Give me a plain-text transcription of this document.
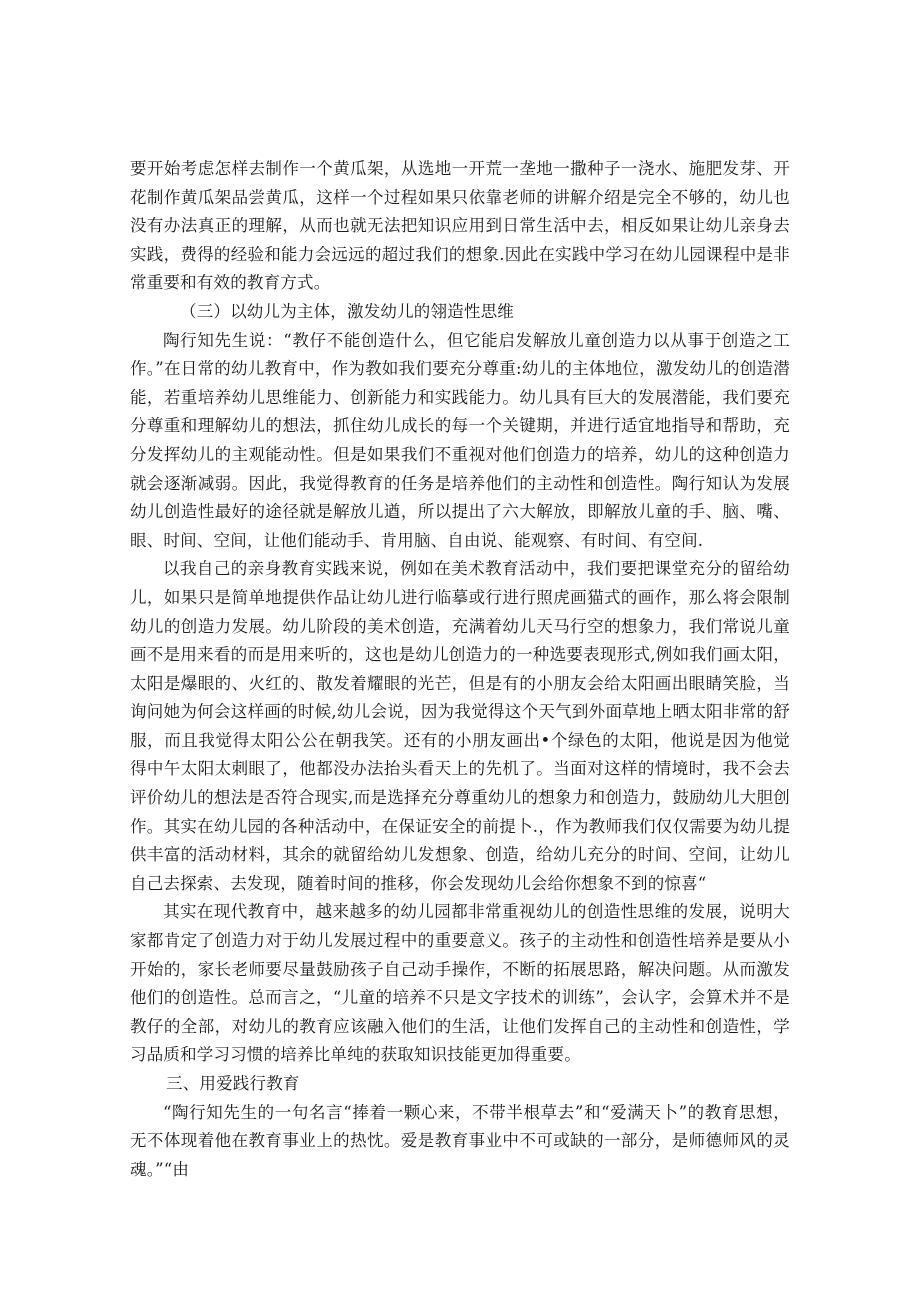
要开始考虑怎样去制作一个黄瓜架，从选地一开荒一垄地一撒种子一浇水、施肥发芽、开花制作黄瓜架品尝黄瓜，这样一个过程如果只依靠老师的讲解介绍是完全不够的，幼儿也没有办法真正的理解，从而也就无法把知识应用到日常生活中去，相反如果让幼儿亲身去实践，费得的经验和能力会远远的超过我们的想象.因此在实践中学习在幼儿园课程中是非常重要和有效的教育方式。

（三）以幼儿为主体，激发幼儿的翎造性思维

陶行知先生说：“教仔不能创造什么，但它能启发解放儿童创造力以从事于创造之工作。”在日常的幼儿教育中，作为教如我们要充分尊重:幼儿的主体地位，激发幼儿的创造潜能，若重培养幼儿思维能力、创新能力和实践能力。幼儿具有巨大的发展潜能，我们要充分尊重和理解幼儿的想法，抓住幼儿成长的每一个关键期，并进行适宜地指导和帮助，充分发挥幼儿的主观能动性。但是如果我们不重视对他们创造力的培养，幼儿的这种创造力就会逐渐减弱。因此，我觉得教育的任务是培养他们的主动性和创造性。陶行知认为发展幼儿创造性最好的途径就是解放儿遒，所以提出了六大解放，即解放儿童的手、脑、嘴、眼、时间、空间，让他们能动手、肯用脑、自由说、能观察、有时间、有空间.

以我自己的亲身教育实践来说，例如在美术教育活动中，我们要把课堂充分的留给幼儿，如果只是简单地提供作品让幼儿进行临摹或行进行照虎画猫式的画作，那么将会限制幼儿的创造力发展。幼儿阶段的美术创造，充满着幼儿天马行空的想象力，我们常说儿童画不是用来看的而是用来听的，这也是幼儿创造力的一种选要表现形式,例如我们画太阳，太阳是爆眼的、火红的、散发着耀眼的光芒，但是有的小朋友会给太阳画出眼睛笑脸，当询问她为何会这样画的时候,幼儿会说，因为我觉得这个天气到外面草地上晒太阳非常的舒服，而且我觉得太阳公公在朝我笑。还有的小朋友画出•个绿色的太阳，他说是因为他觉得中午太阳太刺眼了，他都没办法抬头看天上的先机了。当面对这样的情境时，我不会去评价幼儿的想法是否符合现实,而是选择充分尊重幼儿的想象力和创造力，鼓励幼儿大胆创作。其实在幼儿园的各种活动中，在保证安全的前提卜.，作为教师我们仅仅需要为幼儿提供丰富的活动材料，其余的就留给幼儿发想象、创造，给幼儿充分的时间、空间，让幼儿自己去探索、去发现，随着时间的推移，你会发现幼儿会给你想象不到的惊喜“

其实在现代教育中，越来越多的幼儿园都非常重视幼儿的创造性思维的发展，说明大家都肯定了创造力对于幼儿发展过程中的重要意义。孩子的主动性和创造性培养是要从小开始的，家长老师要尽量鼓励孩子自己动手操作，不断的拓展思路，解决问题。从而激发他们的创造性。总而言之，“儿童的培养不只是文字技术的训练”，会认字，会算术并不是教仔的全部，对幼儿的教育应该融入他们的生活，让他们发挥自己的主动性和创造性，学习品质和学习习惯的培养比单纯的获取知识技能更加得重要。

三、用爱践行教育

“陶行知先生的一句名言“捧着一颗心来，不带半根草去”和“爱满天卜”的教育思想，无不体现着他在教育事业上的热忱。爱是教育事业中不可或缺的一部分，是师德师风的灵魂。”“由
